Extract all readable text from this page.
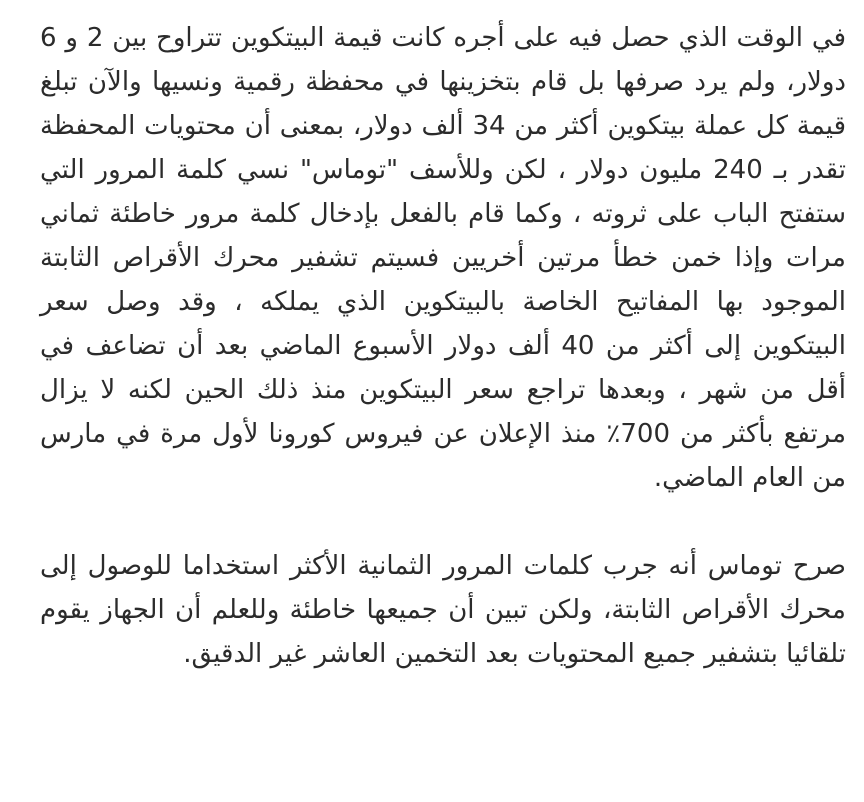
في الوقت الذي حصل فيه على أجره كانت قيمة البيتكوين تتراوح بين 2 و 6 دولار، ولم يرد صرفها بل قام بتخزينها في محفظة رقمية ونسيها والآن تبلغ قيمة كل عملة بيتكوين أكثر من 34 ألف دولار، بمعنى أن محتويات المحفظة تقدر بـ 240 مليون دولار ، لكن وللأسف "توماس" نسي كلمة المرور التي ستفتح الباب على ثروته ، وكما قام بالفعل بإدخال كلمة مرور خاطئة ثماني مرات وإذا خمن خطأ مرتين أخريين فسيتم تشفير محرك الأقراص الثابتة الموجود بها المفاتيح الخاصة بالبيتكوين الذي يملكه ، وقد وصل سعر البيتكوين إلى أكثر من 40 ألف دولار الأسبوع الماضي بعد أن تضاعف في أقل من شهر ، وبعدها تراجع سعر البيتكوين منذ ذلك الحين لكنه لا يزال مرتفع بأكثر من 700٪ منذ الإعلان عن فيروس كورونا لأول مرة في مارس من العام الماضي.

صرح توماس أنه جرب كلمات المرور الثمانية الأكثر استخداما للوصول إلى محرك الأقراص الثابتة، ولكن تبين أن جميعها خاطئة وللعلم أن الجهاز يقوم تلقائيا بتشفير جميع المحتويات بعد التخمين العاشر غير الدقيق.
